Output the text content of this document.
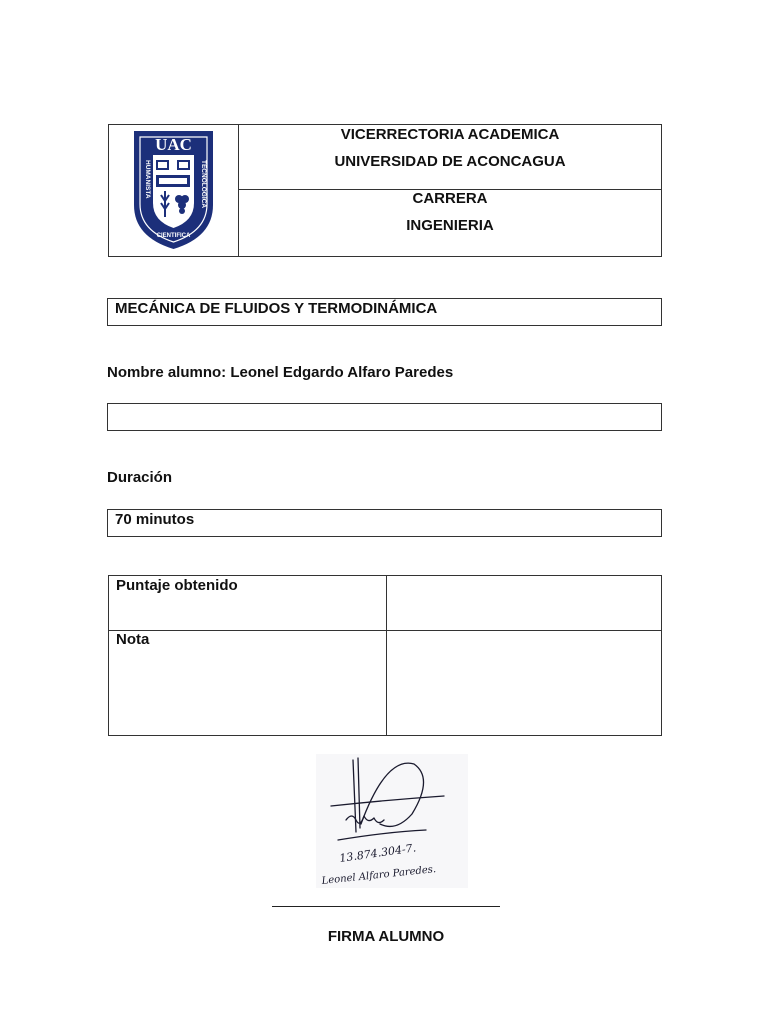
UAC
HUMANISTA	TECNOLOGICA
CIENTIFICA
VICERRECTORIA ACADEMICA
UNIVERSIDAD DE ACONCAGUA
CARRERA
INGENIERIA
MECÁNICA DE FLUIDOS Y TERMODINÁMICA
Nombre alumno: Leonel Edgardo Alfaro Paredes
Duración
70 minutos
Puntaje obtenido
Nota
13.874.304-7.
Leonel Alfaro Paredes.
FIRMA ALUMNO
